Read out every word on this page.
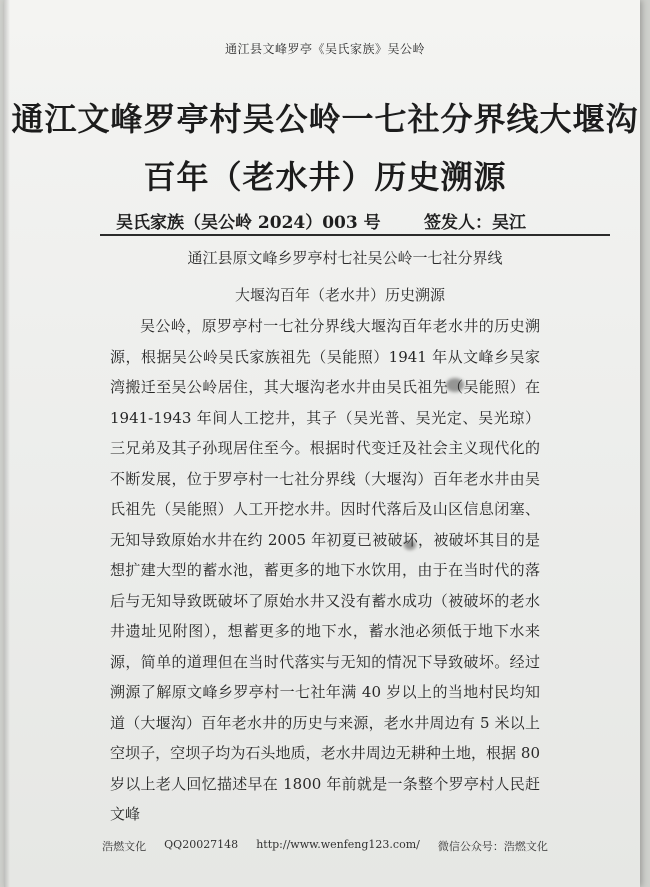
通江县文峰罗亭《吴氏家族》吴公岭
通江文峰罗亭村吴公岭一七社分界线大堰沟
百年（老水井）历史溯源
吴氏家族（吴公岭 2024）003 号	签发人：吴江
通江县原文峰乡罗亭村七社吴公岭一七社分界线
大堰沟百年（老水井）历史溯源

吴公岭，原罗亭村一七社分界线大堰沟百年老水井的历史溯源，根据吴公岭吴氏家族祖先（吴能照）1941 年从文峰乡吴家湾搬迁至吴公岭居住，其大堰沟老水井由吴氏祖先（吴能照）在 1941-1943 年间人工挖井，其子（吴光普、吴光定、吴光琼）三兄弟及其子孙现居住至今。根据时代变迁及社会主义现代化的不断发展，位于罗亭村一七社分界线（大堰沟）百年老水井由吴氏祖先（吴能照）人工开挖水井。因时代落后及山区信息闭塞、无知导致原始水井在约 2005 年初夏已被破坏，被破坏其目的是想扩建大型的蓄水池，蓄更多的地下水饮用，由于在当时代的落后与无知导致既破坏了原始水井又没有蓄水成功（被破坏的老水井遗址见附图），想蓄更多的地下水，蓄水池必须低于地下水来源，简单的道理但在当时代落实与无知的情况下导致破坏。经过溯源了解原文峰乡罗亭村一七社年满 40 岁以上的当地村民均知道（大堰沟）百年老水井的历史与来源，老水井周边有 5 米以上空坝子，空坝子均为石头地质，老水井周边无耕种土地，根据 80 岁以上老人回忆描述早在 1800 年前就是一条整个罗亭村人民赶文峰

浩燃文化 QQ20027148 http://www.wenfeng123.com/ 微信公众号：浩燃文化
